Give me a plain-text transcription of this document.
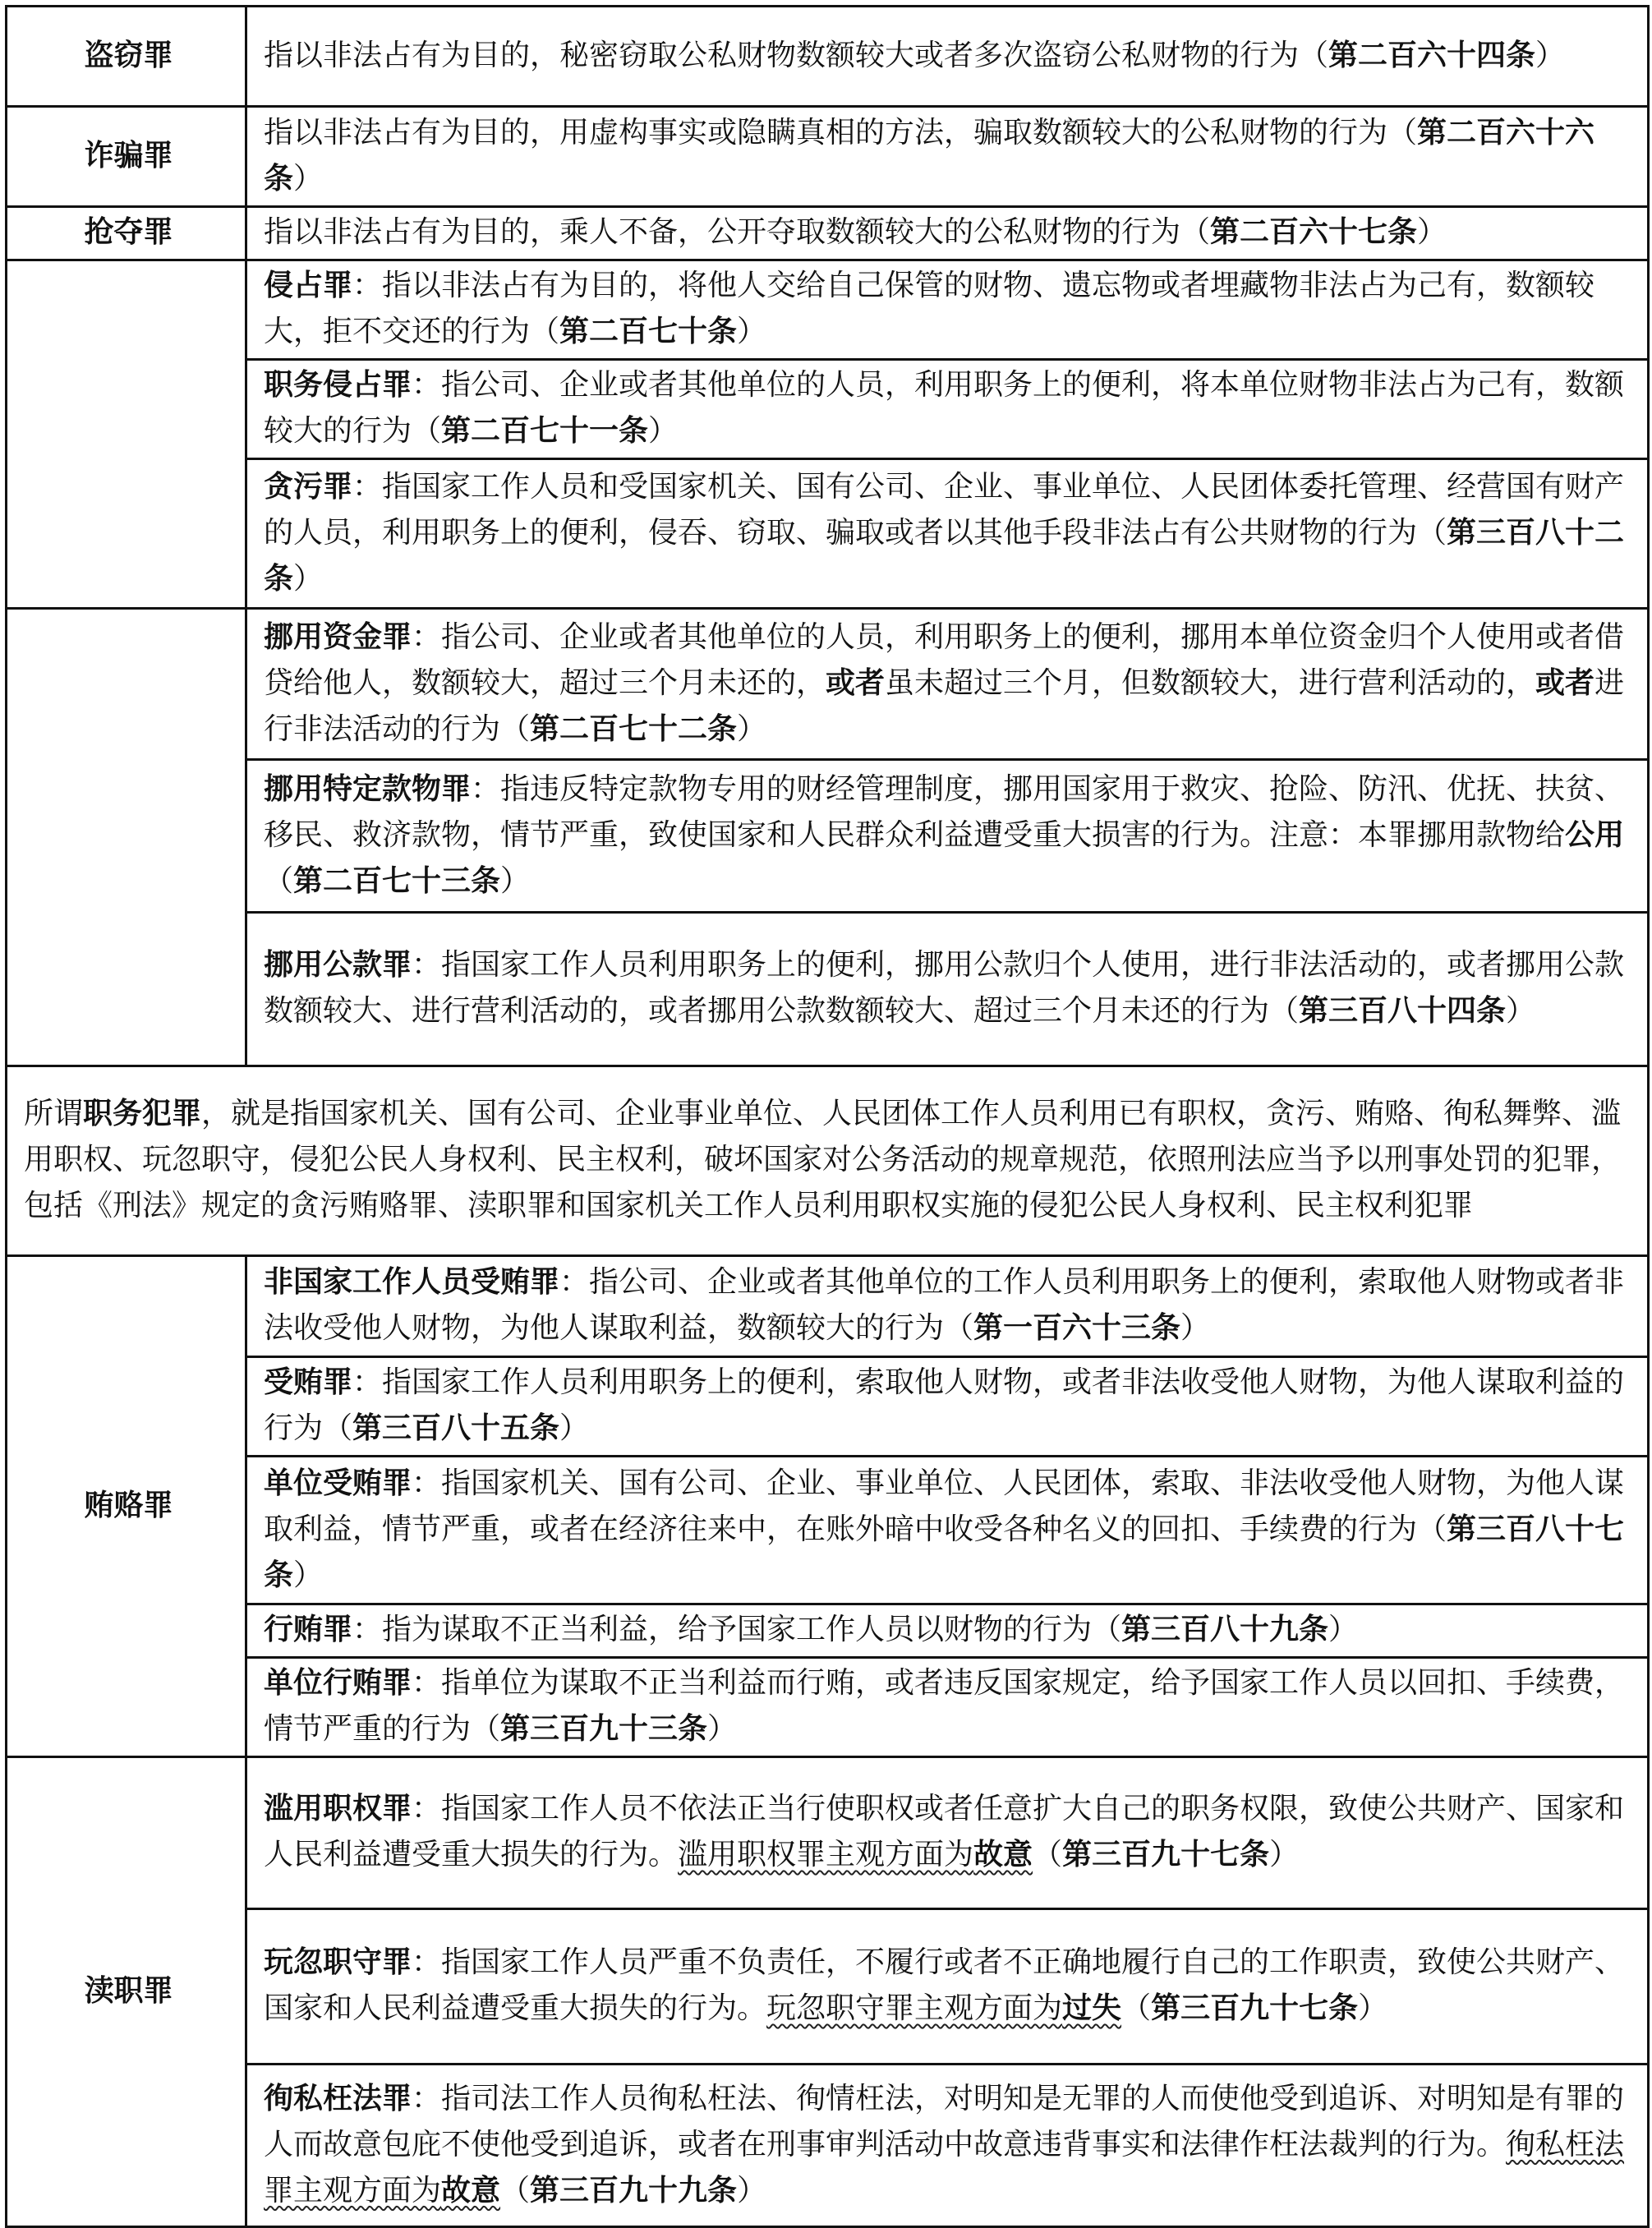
盗窃罪	指以非法占有为目的，秘密窃取公私财物数额较大或者多次盗窃公私财物的行为（第二百六十四条）
诈骗罪	指以非法占有为目的，用虚构事实或隐瞒真相的方法，骗取数额较大的公私财物的行为（第二百六十六条）
抢夺罪	指以非法占有为目的，乘人不备，公开夺取数额较大的公私财物的行为（第二百六十七条）
	侵占罪：指以非法占有为目的，将他人交给自己保管的财物、遗忘物或者埋藏物非法占为己有，数额较大，拒不交还的行为（第二百七十条）
	职务侵占罪：指公司、企业或者其他单位的人员，利用职务上的便利，将本单位财物非法占为己有，数额较大的行为（第二百七十一条）
	贪污罪：指国家工作人员和受国家机关、国有公司、企业、事业单位、人民团体委托管理、经营国有财产的人员，利用职务上的便利，侵吞、窃取、骗取或者以其他手段非法占有公共财物的行为（第三百八十二条）
	挪用资金罪：指公司、企业或者其他单位的人员，利用职务上的便利，挪用本单位资金归个人使用或者借贷给他人，数额较大，超过三个月未还的，或者虽未超过三个月，但数额较大，进行营利活动的，或者进行非法活动的行为（第二百七十二条）
	挪用特定款物罪：指违反特定款物专用的财经管理制度，挪用国家用于救灾、抢险、防汛、优抚、扶贫、移民、救济款物，情节严重，致使国家和人民群众利益遭受重大损害的行为。注意：本罪挪用款物给公用（第二百七十三条）
	挪用公款罪：指国家工作人员利用职务上的便利，挪用公款归个人使用，进行非法活动的，或者挪用公款数额较大、进行营利活动的，或者挪用公款数额较大、超过三个月未还的行为（第三百八十四条）
所谓职务犯罪，就是指国家机关、国有公司、企业事业单位、人民团体工作人员利用已有职权，贪污、贿赂、徇私舞弊、滥用职权、玩忽职守，侵犯公民人身权利、民主权利，破坏国家对公务活动的规章规范，依照刑法应当予以刑事处罚的犯罪，包括《刑法》规定的贪污贿赂罪、渎职罪和国家机关工作人员利用职权实施的侵犯公民人身权利、民主权利犯罪	
贿赂罪	非国家工作人员受贿罪：指公司、企业或者其他单位的工作人员利用职务上的便利，索取他人财物或者非法收受他人财物，为他人谋取利益，数额较大的行为（第一百六十三条）
	受贿罪：指国家工作人员利用职务上的便利，索取他人财物，或者非法收受他人财物，为他人谋取利益的行为（第三百八十五条）
	单位受贿罪：指国家机关、国有公司、企业、事业单位、人民团体，索取、非法收受他人财物，为他人谋取利益，情节严重，或者在经济往来中，在账外暗中收受各种名义的回扣、手续费的行为（第三百八十七条）
	行贿罪：指为谋取不正当利益，给予国家工作人员以财物的行为（第三百八十九条）
	单位行贿罪：指单位为谋取不正当利益而行贿，或者违反国家规定，给予国家工作人员以回扣、手续费，情节严重的行为（第三百九十三条）
渎职罪	滥用职权罪：指国家工作人员不依法正当行使职权或者任意扩大自己的职务权限，致使公共财产、国家和人民利益遭受重大损失的行为。滥用职权罪主观方面为故意（第三百九十七条）
	玩忽职守罪：指国家工作人员严重不负责任，不履行或者不正确地履行自己的工作职责，致使公共财产、国家和人民利益遭受重大损失的行为。玩忽职守罪主观方面为过失（第三百九十七条）
	徇私枉法罪：指司法工作人员徇私枉法、徇情枉法，对明知是无罪的人而使他受到追诉、对明知是有罪的人而故意包庇不使他受到追诉，或者在刑事审判活动中故意违背事实和法律作枉法裁判的行为。徇私枉法罪主观方面为故意（第三百九十九条）
